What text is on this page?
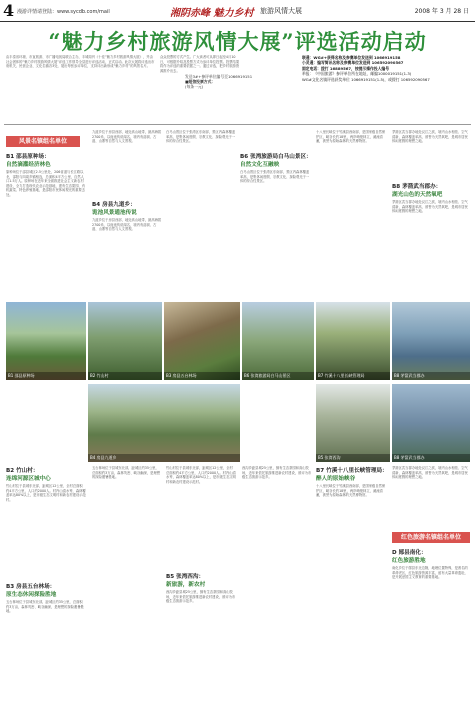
4 漫游详情请登陆：www.sycdb.com/mail	湘阴赤峰 魅力乡村 旅游风情大展	2008 年 3 月 28 日
“魅力乡村旅游风情大展”评选活动启动
由丰泰省环境、市直旅游、市广播电视局联合主办，丰城周刊《十佳”魅力乡村旅游风情大展》，并由社会团体的“魅力乡村旅游风情大展”评选工作领导全县进行评选活动，正式启动。此次大展将评选出市府机关、民营企业、文化名镇各3处，展出每张参评单位，支持评出新形成“魅力乡村”的风景名片。
众众投票的方式产生。广大读者可从即日起至4月10日，可根据介绍及投票方式为参评单位投票。投票结果将作为评选的重要依据之一。通过评选，把乡村旅游资源推介出去。
发送3#+参评单位编号至1066919151
■短信投票方式：
(每条一元)
联通：WG#+获得名称及参赛单位发送到 1066919158
小灵通：编写简讯名称及参赛单位发送到 106592090567
固定电话：拨打 16889567，按提示操作投人编号
举报：《中国旅游》参评单位所在地址，邮编1000019151(1-3)
WG#文化名镇评选获奖单位 1066919151(1-5)，或拨打 106592090567
风景名镇组名单位
B1 邵县原种场：
自然滴灌经济林色
原种场位于邵县城区2.5公里处，206省道与长江路以北，邵阳与四周乡镇相连，总面积4平方公里，自然人口1.5万人。原种场在近年来全面推进社会主义新农村建设，全力打造现代农业示范基地，建有生态果园、有机蔬菜、特色养殖基地，是邵阳市民休闲观光的重要去处。
九道乡位于房县西部，地处高山地带，最高海拔2700米，以诡池传说闻名，境内有溶洞、古道、山寨等自然与人文景观。
B4 房县九道乡：
诡池风景通池传说
九道乡位于房县西部，地处高山地带，最高海拔2700米，以诡池传说闻名，境内有溶洞、古道、山寨等自然与人文景观。
白马山景区位于张湾区东南部，景区内森林覆盖率高，是集休闲度假、宗教文化、探险观光于一体的综合性景区。
B6 张湾旅游局白马山景区：
自然文化互融映
白马山景区位于张湾区东南部，景区内森林覆盖率高，是集休闲度假、宗教文化、探险观光于一体的综合性景区。
十八里长峡位于竹溪县西南部，是国家级自然保护区，峡谷长约18里，两岸峭壁林立，溪流清澈，被誉为原始森林的天然博物馆。
茅箭区武当郡办地处汉江之滨，境内山水相依、空气清新，森林覆盖率高，被誉为天然氧吧，是城市居民休闲度假的理想之地。
B8 茅箭武当郡办：
湖光山色的天然氧吧
茅箭区武当郡办地处汉江之滨，境内山水相依、空气清新，森林覆盖率高，被誉为天然氧吧，是城市居民休闲度假的理想之地。
B1 邵县原种场	B2 竹山村	B3 房县五台林场	B6 张湾旅游局白马山景区	B7 竹溪十八里长峡管理局	B8 茅箭武当郡办
B4 房县九道乡	B5 张湾西沟	B8 茅箭武当郡办
B2 竹山村：
连绵河源区城中心
竹山村位于县城东北部，距城区12公里，全村总面积约4平方公里，人口约2000人。村内山清水秀，森林覆盖率达80%以上，是市级生态文明村和新农村建设示范村。
B3 房县五台林场：
原生态休闲探险胜地
五台林场位于县城东北部，距城区约35公里，总面积约3万亩，森林茂密、峡谷幽深，是理想的探险避暑胜地。
五台林场位于县城东北部，距城区约35公里，总面积约3万亩，森林茂密、峡谷幽深，是理想的探险避暑胜地。
竹山村位于县城东北部，距城区12公里，全村总面积约4平方公里，人口约2000人。村内山清水秀，森林覆盖率达80%以上，是市级生态文明村和新农村建设示范村。
B5 张湾西沟：
新旅游，新农村
西沟乡距县城25公里，拥有生态茶园和高山牧场，近年来依托旅游推进新农村建设，被评为市级生态旅游示范乡。
西沟乡距县城25公里，拥有生态茶园和高山牧场，近年来依托旅游推进新农村建设，被评为市级生态旅游示范乡。
B7 竹溪十八里长峡管理局：
醉人的原始峡谷
十八里长峡位于竹溪县西南部，是国家级自然保护区，峡谷长约18里，两岸峭壁林立，溪流清澈，被誉为原始森林的天然博物馆。
茅箭区武当郡办地处汉江之滨，境内山水相依、空气清新，森林覆盖率高，被誉为天然氧吧，是城市居民休闲度假的理想之地。
红色旅游名镇组名单位
D 郧县南化：
红色旅游胜地
南化乡位于郧县东北边陲，地理位置特殊，是著名的革命老区，红色旅游资源丰富，留有大量革命遗址，是开展爱国主义教育的重要基地。
